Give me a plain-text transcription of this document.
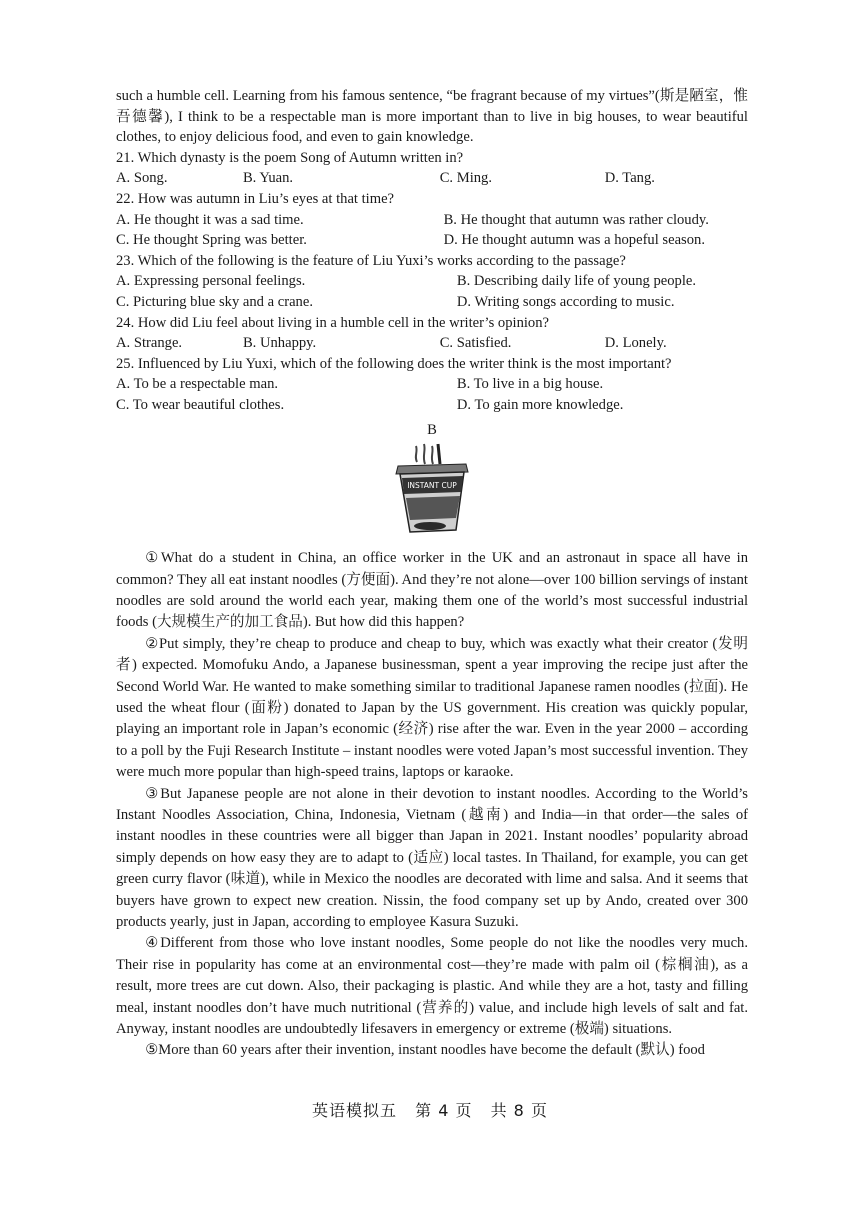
such a humble cell. Learning from his famous sentence, “be fragrant because of my virtues”(斯是陋室，惟吾德馨), I think to be a respectable man is more important than to live in big houses, to wear beautiful clothes, to enjoy delicious food, and even to gain knowledge.

21. Which dynasty is the poem Song of Autumn written in?

A. Song.	B. Yuan.	C. Ming.	D. Tang.

22. How was autumn in Liu’s eyes at that time?

A. He thought it was a sad time.	B. He thought that autumn was rather cloudy.
C. He thought Spring was better.	D. He thought autumn was a hopeful season.

23. Which of the following is the feature of Liu Yuxi’s works according to the passage?

A. Expressing personal feelings.	B. Describing daily life of young people.
C. Picturing blue sky and a crane.	D. Writing songs according to music.

24. How did Liu feel about living in a humble cell in the writer’s opinion?

A. Strange.	B. Unhappy.	C. Satisfied.	D. Lonely.

25. Influenced by Liu Yuxi, which of the following does the writer think is the most important?

A. To be a respectable man.	B. To live in a big house.
C. To wear beautiful clothes.	D. To gain more knowledge.

B

INSTANT CUP

①What do a student in China, an office worker in the UK and an astronaut in space all have in common? They all eat instant noodles (方便面). And they’re not alone—over 100 billion servings of instant noodles are sold around the world each year, making them one of the world’s most successful industrial foods (大规模生产的加工食品). But how did this happen?

②Put simply, they’re cheap to produce and cheap to buy, which was exactly what their creator (发明者) expected. Momofuku Ando, a Japanese businessman, spent a year improving the recipe just after the Second World War. He wanted to make something similar to traditional Japanese ramen noodles (拉面). He used the wheat flour (面粉) donated to Japan by the US government. His creation was quickly popular, playing an important role in Japan’s economic (经济) rise after the war. Even in the year 2000 – according to a poll by the Fuji Research Institute – instant noodles were voted Japan’s most successful invention. They were much more popular than high-speed trains, laptops or karaoke.

③But Japanese people are not alone in their devotion to instant noodles. According to the World’s Instant Noodles Association, China, Indonesia, Vietnam (越南) and India—in that order—the sales of instant noodles in these countries were all bigger than Japan in 2021. Instant noodles’ popularity abroad simply depends on how easy they are to adapt to (适应) local tastes. In Thailand, for example, you can get green curry flavor (味道), while in Mexico the noodles are decorated with lime and salsa. And it seems that buyers have grown to expect new creation. Nissin, the food company set up by Ando, created over 300 products yearly, just in Japan, according to employee Kasura Suzuki.

④Different from those who love instant noodles, Some people do not like the noodles very much. Their rise in popularity has come at an environmental cost—they’re made with palm oil (棕榈油), as a result, more trees are cut down. Also, their packaging is plastic. And while they are a hot, tasty and filling meal, instant noodles don’t have much nutritional (营养的) value, and include high levels of salt and fat. Anyway, instant noodles are undoubtedly lifesavers in emergency or extreme (极端) situations.

⑤More than 60 years after their invention, instant noodles have become the default (默认) food

英语模拟五 第 4 页 共 8 页
